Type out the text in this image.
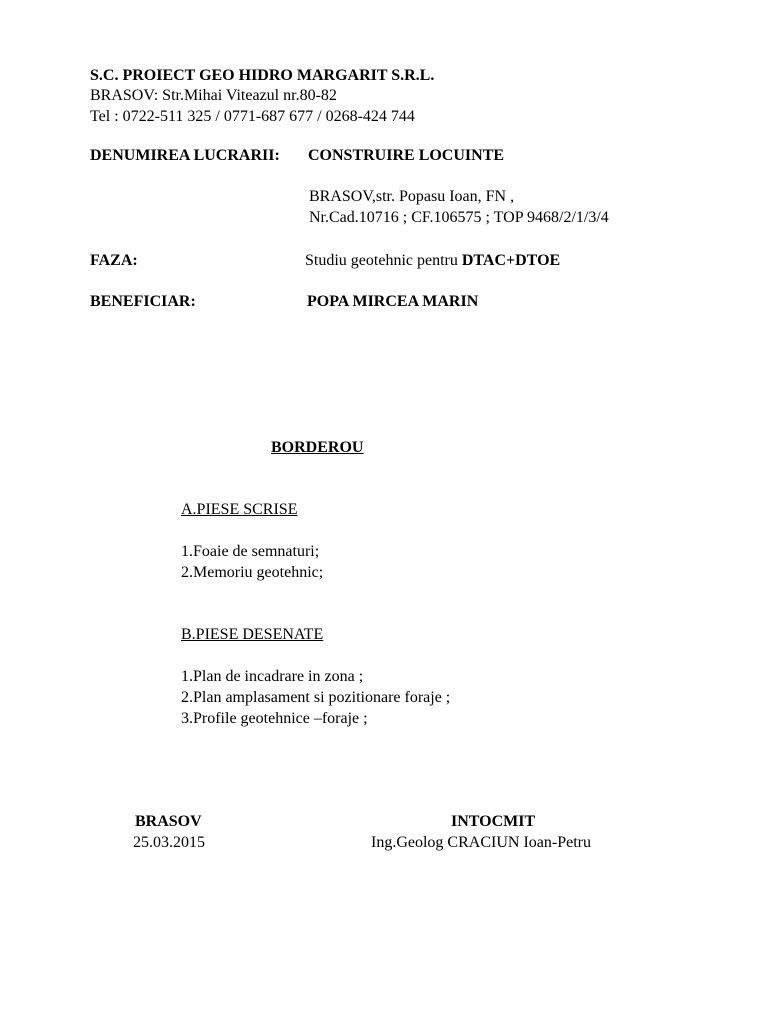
S.C. PROIECT GEO HIDRO MARGARIT S.R.L.
BRASOV: Str.Mihai Viteazul nr.80-82
Tel : 0722-511 325 / 0771-687 677 / 0268-424 744
DENUMIREA LUCRARII: CONSTRUIRE LOCUINTE
BRASOV,str. Popasu Ioan, FN ,
Nr.Cad.10716 ; CF.106575 ; TOP 9468/2/1/3/4
FAZA:	Studiu geotehnic pentru DTAC+DTOE
BENEFICIAR:	POPA MIRCEA MARIN
BORDEROU
A.PIESE SCRISE
1.Foaie de semnaturi;
2.Memoriu geotehnic;
B.PIESE DESENATE
1.Plan de incadrare in zona ;
2.Plan amplasament si pozitionare foraje ;
3.Profile geotehnice –foraje ;
BRASOV
25.03.2015
INTOCMIT
Ing.Geolog CRACIUN Ioan-Petru
